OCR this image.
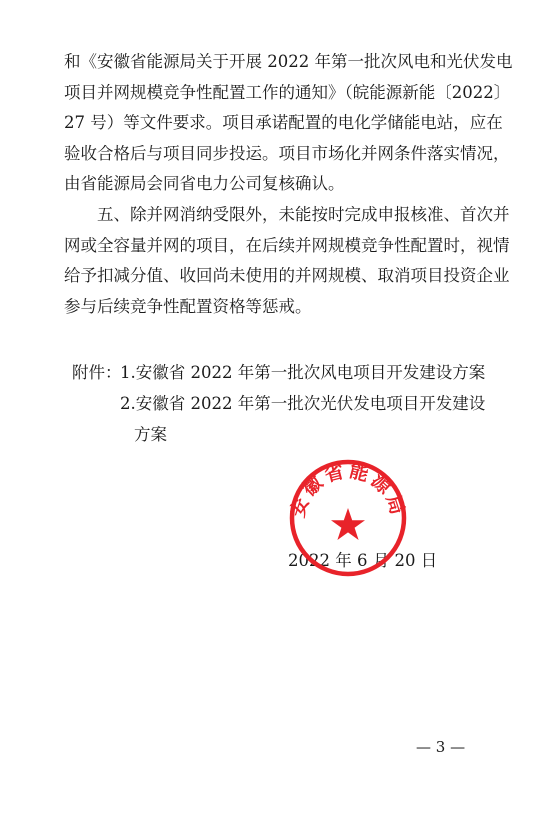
和《安徽省能源局关于开展 2022 年第一批次风电和光伏发电
项目并网规模竞争性配置工作的通知》（皖能源新能〔2022〕
27 号）等文件要求。项目承诺配置的电化学储能电站，应在
验收合格后与项目同步投运。项目市场化并网条件落实情况，
由省能源局会同省电力公司复核确认。
　　五、除并网消纳受限外，未能按时完成申报核准、首次并
网或全容量并网的项目，在后续并网规模竞争性配置时，视情
给予扣减分值、收回尚未使用的并网规模、取消项目投资企业
参与后续竞争性配置资格等惩戒。
附件：
1.安徽省 2022 年第一批次风电项目开发建设方案
2.安徽省 2022 年第一批次光伏发电项目开发建设
方案
2022 年 6 月 20 日
安徽省能源局
— 3 —
